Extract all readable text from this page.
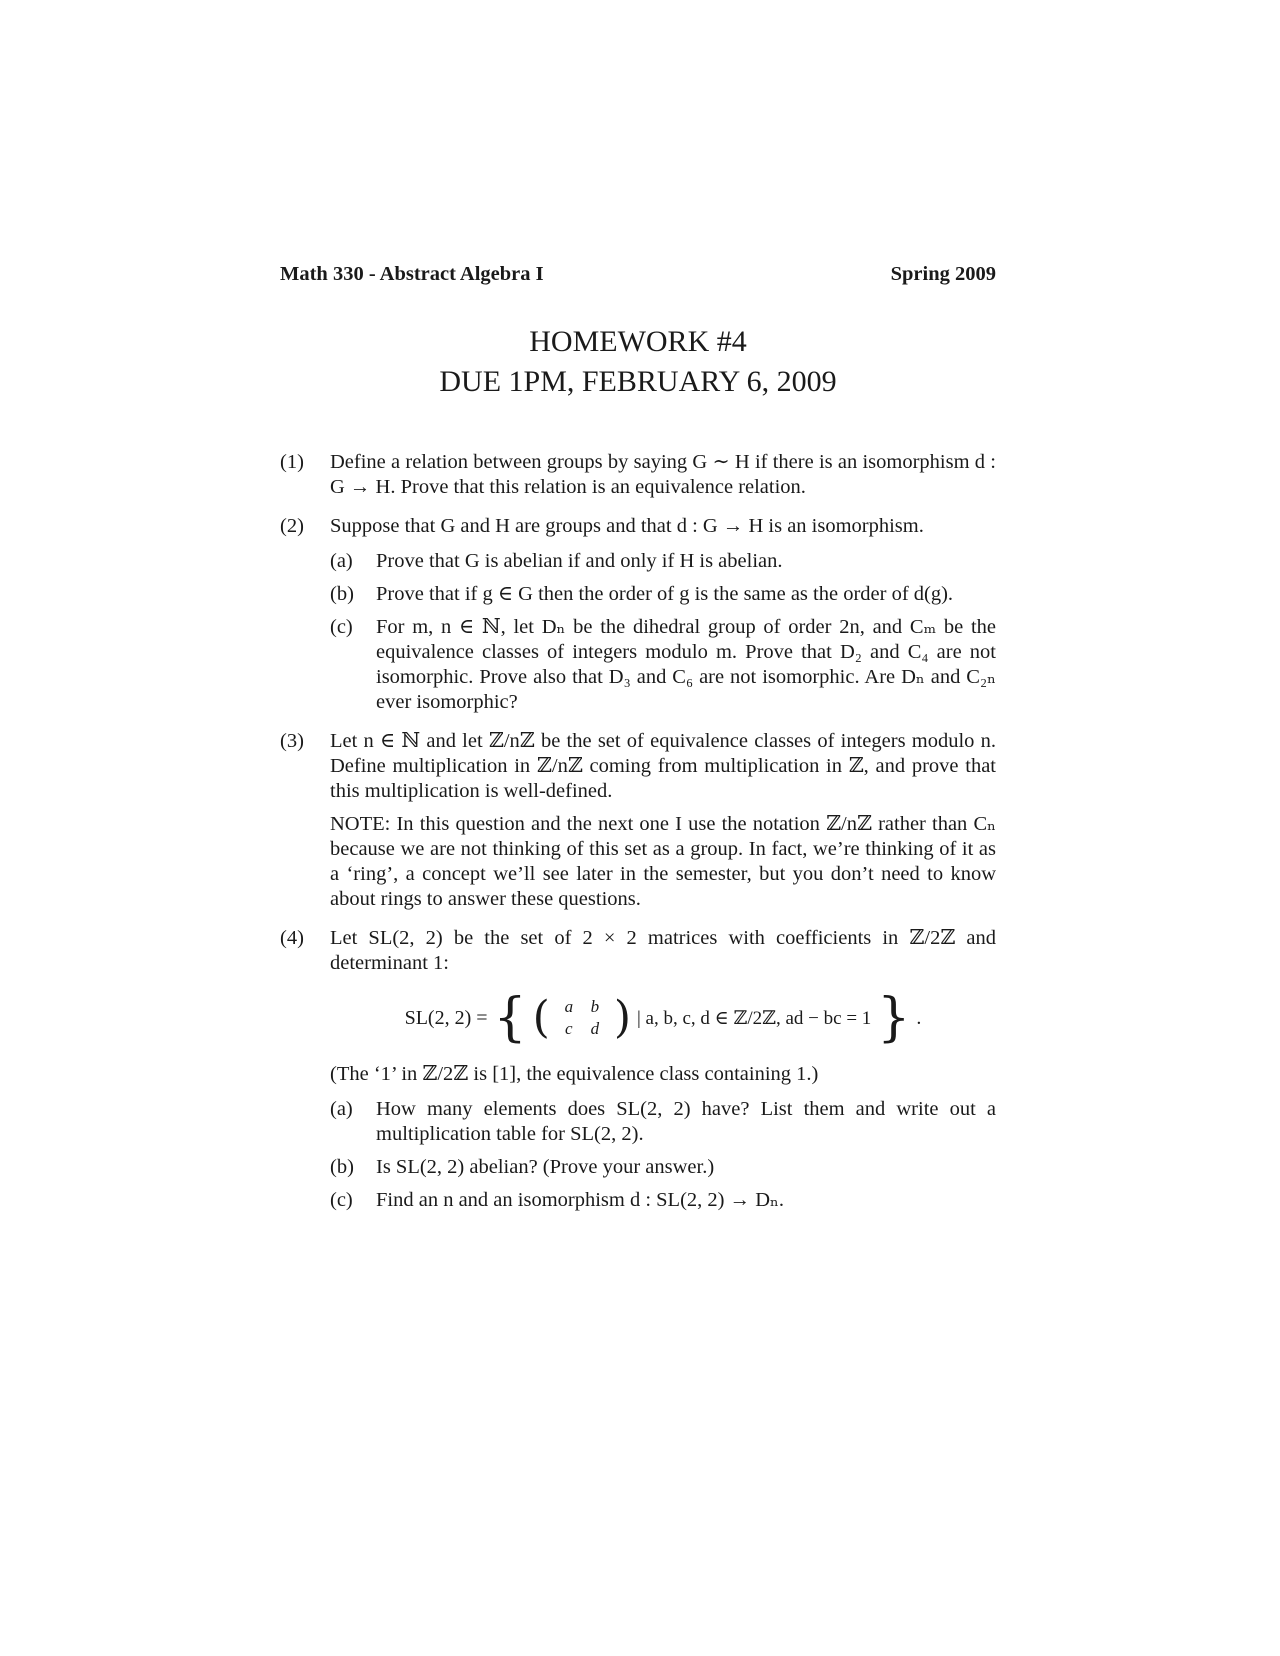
Math 330 - Abstract Algebra I	Spring 2009
HOMEWORK #4
DUE 1PM, FEBRUARY 6, 2009
(1) Define a relation between groups by saying G ∼ H if there is an isomorphism d : G → H. Prove that this relation is an equivalence relation.

(2) Suppose that G and H are groups and that d : G → H is an isomorphism.

(a) Prove that G is abelian if and only if H is abelian.
(b) Prove that if g ∈ G then the order of g is the same as the order of d(g).
(c) For m, n ∈ ℕ, let Dₙ be the dihedral group of order 2n, and Cₘ be the equivalence classes of integers modulo m. Prove that D₂ and C₄ are not isomorphic. Prove also that D₃ and C₆ are not isomorphic. Are Dₙ and C₂ₙ ever isomorphic?
(3) Let n ∈ ℕ and let ℤ/nℤ be the set of equivalence classes of integers modulo n. Define multiplication in ℤ/nℤ coming from multiplication in ℤ, and prove that this multiplication is well-defined.

NOTE: In this question and the next one I use the notation ℤ/nℤ rather than Cₙ because we are not thinking of this set as a group. In fact, we’re thinking of it as a ‘ring’, a concept we’ll see later in the semester, but you don’t need to know about rings to answer these questions.

(4) Let SL(2, 2) be the set of 2 × 2 matrices with coefficients in ℤ/2ℤ and determinant 1:

SL(2, 2) = { ( a	b
c	d ) | a, b, c, d ∈ ℤ/2ℤ, ad − bc = 1 } .

(The ‘1’ in ℤ/2ℤ is [1], the equivalence class containing 1.)

(a) How many elements does SL(2, 2) have? List them and write out a multiplication table for SL(2, 2).
(b) Is SL(2, 2) abelian? (Prove your answer.)
(c) Find an n and an isomorphism d : SL(2, 2) → Dₙ.
